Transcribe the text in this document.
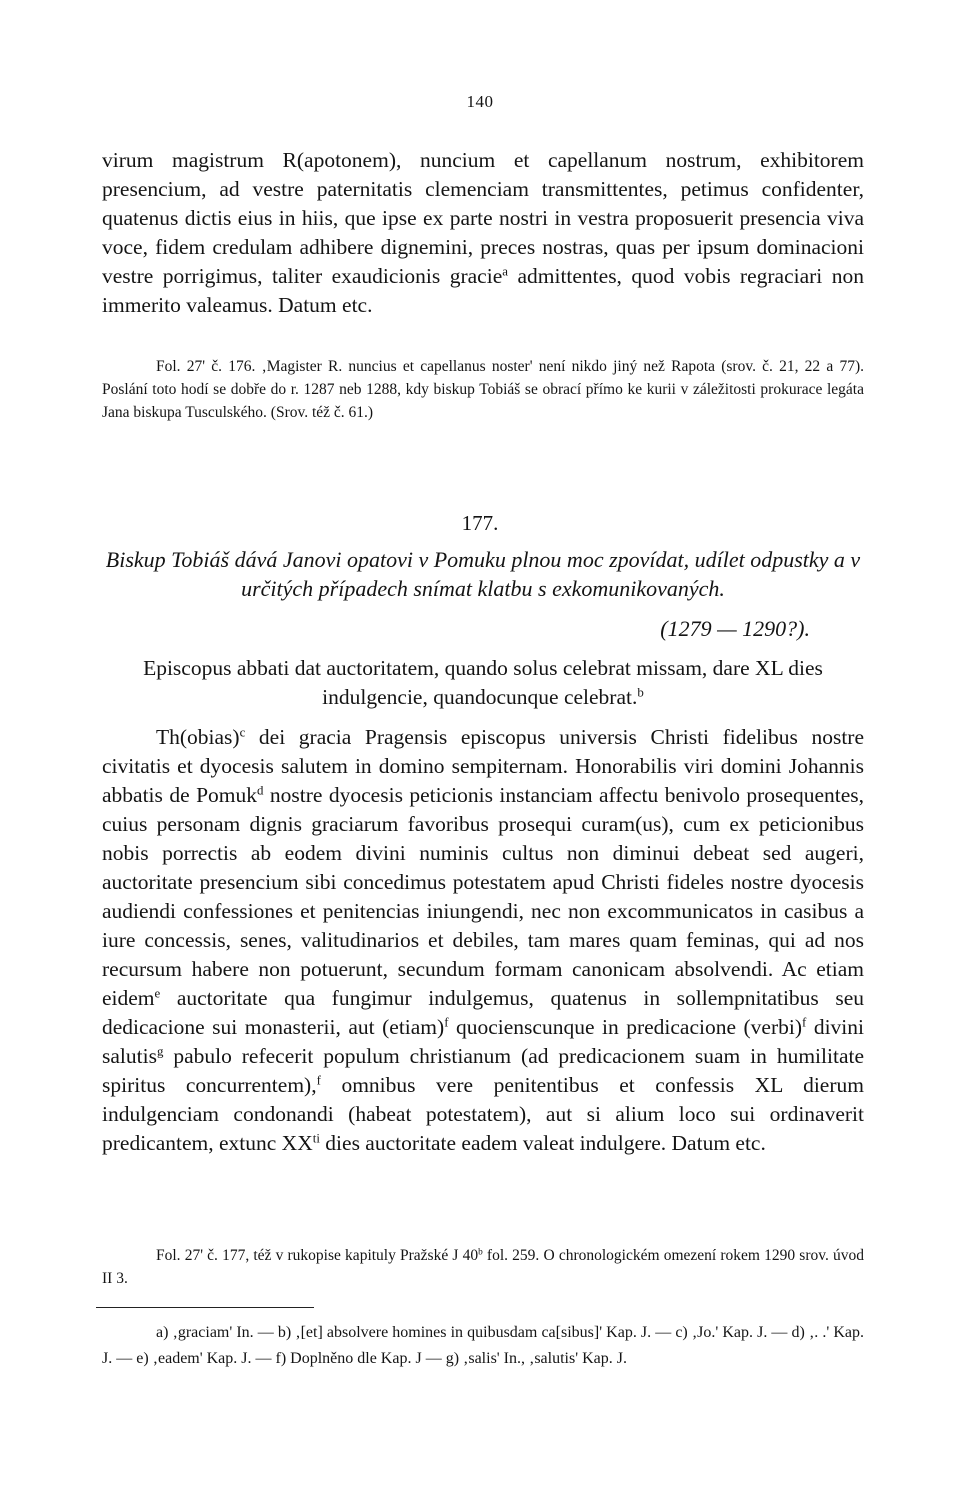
140

virum magistrum R(apotonem), nuncium et capellanum nostrum, exhibitorem presencium, ad vestre paternitatis clemenciam transmittentes, petimus confidenter, quatenus dictis eius in hiis, que ipse ex parte nostri in vestra proposuerit presencia viva voce, fidem credulam adhibere dignemini, preces nostras, quas per ipsum dominacioni vestre porrigimus, taliter exaudicionis gracie$^a$ admittentes, quod vobis regraciari non immerito valeamus. Datum etc.

Fol. 27' č. 176. ‚Magister R. nuncius et capellanus noster' není nikdo jiný než Rapota (srov. č. 21, 22 a 77). Poslání toto hodí se dobře do r. 1287 neb 1288, kdy biskup Tobiáš se obrací přímo ke kurii v záležitosti prokurace legáta Jana biskupa Tusculského. (Srov. též č. 61.)

177.

Biskup Tobiáš dává Janovi opatovi v Pomuku plnou moc zpovídat, udílet odpustky a v určitých případech snímat klatbu s exkomunikovaných.

(1279 — 1290?).

Episcopus abbati dat auctoritatem, quando solus celebrat missam, dare XL dies indulgencie, quandocunque celebrat.$^b$

Th(obias)$^c$ dei gracia Pragensis episcopus universis Christi fidelibus nostre civitatis et dyocesis salutem in domino sempiternam. Honorabilis viri domini Johannis abbatis de Pomuk$^d$ nostre dyocesis peticionis instanciam affectu benivolo prosequentes, cuius personam dignis graciarum favoribus prosequi curam(us), cum ex peticionibus nobis porrectis ab eodem divini numinis cultus non diminui debeat sed augeri, auctoritate presencium sibi concedimus potestatem apud Christi fideles nostre dyocesis audiendi confessiones et penitencias iniungendi, nec non excommunicatos in casibus a iure concessis, senes, valitudinarios et debiles, tam mares quam feminas, qui ad nos recursum habere non potuerunt, secundum formam canonicam absolvendi. Ac etiam eidem$^e$ auctoritate qua fungimur indulgemus, quatenus in sollempnitatibus seu dedicacione sui monasterii, aut (etiam)$^f$ quocienscunque in predicacione (verbi)$^f$ divini salutis$^g$ pabulo refecerit populum christianum (ad predicacionem suam in humilitate spiritus concurrentem),$^f$ omnibus vere penitentibus et confessis XL dierum indulgenciam condonandi (habeat potestatem), aut si alium loco sui ordinaverit predicantem, extunc $XX^{ti}$ dies auctoritate eadem valeat indulgere. Datum etc.

Fol. 27' č. 177, též v rukopise kapituly Pražské J 40$^b$ fol. 259. O chronologickém omezení rokem 1290 srov. úvod II 3.

a) ‚graciam' In. — b) ‚[et] absolvere homines in quibusdam ca[sibus]' Kap. J. — c) ‚Jo.' Kap. J. — d) ‚. .' Kap. J. — e) ‚eadem' Kap. J. — f) Doplněno dle Kap. J — g) ‚salis' In., ‚salutis' Kap. J.
